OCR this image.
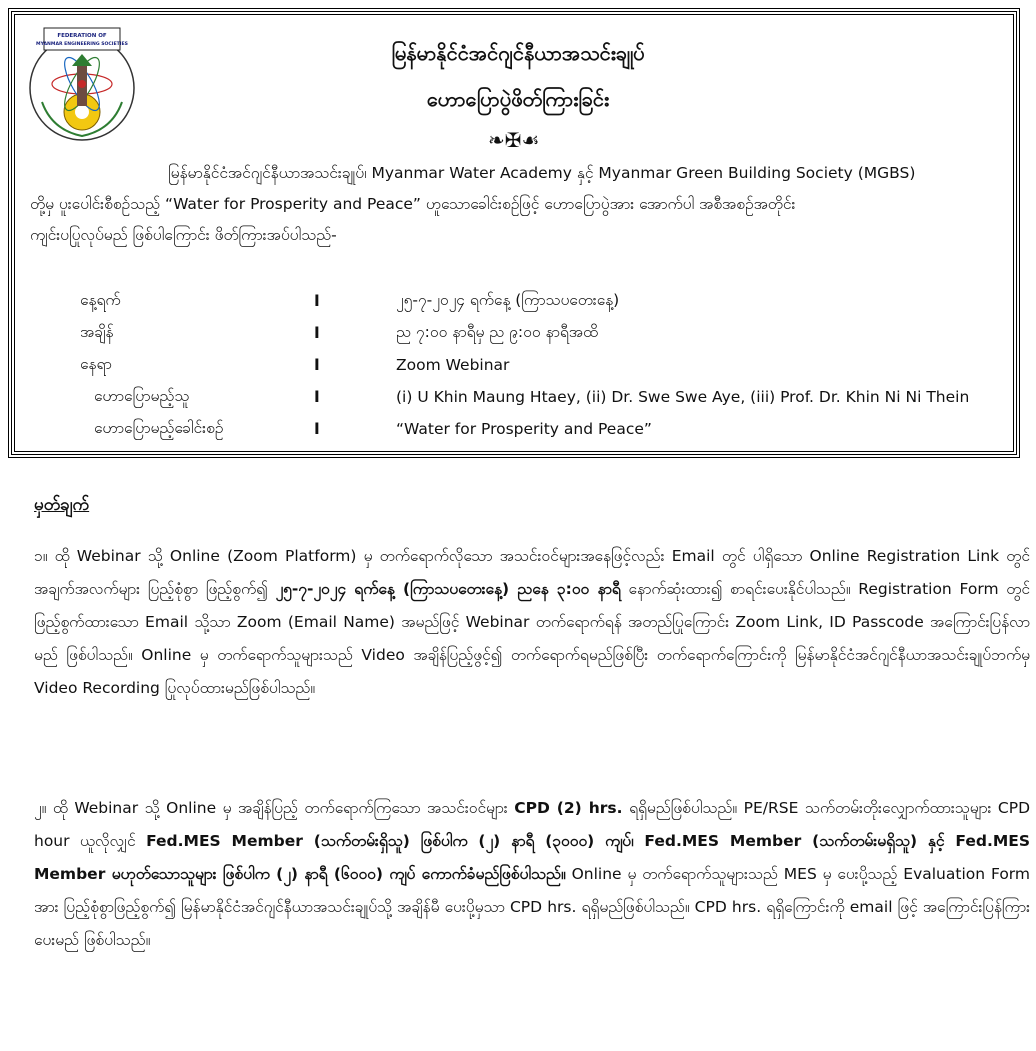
FEDERATION OF
MYANMAR ENGINEERING SOCIETIES	မြန်မာနိုင်ငံအင်ဂျင်နီယာအသင်းချုပ်
ဟောပြောပွဲဖိတ်ကြားခြင်း
❧✠☙

မြန်မာနိုင်ငံအင်ဂျင်နီယာအသင်းချုပ်၊ Myanmar Water Academy နှင့် Myanmar Green Building Society (MGBS)

တို့မှ ပူးပေါင်းစီစဉ်သည့် “Water for Prosperity and Peace” ဟူသောခေါင်းစဉ်ဖြင့် ဟောပြောပွဲအား အောက်ပါ အစီအစဉ်အတိုင်း

ကျင်းပပြုလုပ်မည် ဖြစ်ပါကြောင်း ဖိတ်ကြားအပ်ပါသည်-

နေ့ရက်	ⵏ	၂၅-၇-၂၀၂၄ ရက်နေ့ (ကြာသပတေးနေ့)
အချိန်	ⵏ	ည ၇:၀၀ နာရီမှ ည ၉:၀၀ နာရီအထိ
နေရာ	ⵏ	Zoom Webinar
ဟောပြောမည့်သူ	ⵏ	(i) U Khin Maung Htaey, (ii) Dr. Swe Swe Aye, (iii) Prof. Dr. Khin Ni Ni Thein
ဟောပြောမည့်ခေါင်းစဉ်	ⵏ	“Water for Prosperity and Peace”
မှတ်ချက်

၁။ ထို Webinar သို့ Online (Zoom Platform) မှ တက်ရောက်လိုသော အသင်းဝင်များအနေဖြင့်လည်း Email တွင် ပါရှိသော Online Registration Link တွင် အချက်အလက်များ ပြည့်စုံစွာ ဖြည့်စွက်၍ ၂၅-၇-၂၀၂၄ ရက်နေ့ (ကြာသပတေးနေ့) ညနေ ၃:၀၀ နာရီ နောက်ဆုံးထား၍ စာရင်းပေးနိုင်ပါသည်။ Registration Form တွင် ဖြည့်စွက်ထားသော Email သို့သာ Zoom (Email Name) အမည်ဖြင့် Webinar တက်ရောက်ရန် အတည်ပြုကြောင်း Zoom Link, ID Passcode အကြောင်းပြန်လာမည် ဖြစ်ပါသည်။ Online မှ တက်ရောက်သူများသည် Video အချိန်ပြည့်ဖွင့်၍ တက်ရောက်ရမည်ဖြစ်ပြီး တက်ရောက်ကြောင်းကို မြန်မာနိုင်ငံအင်ဂျင်နီယာအသင်းချုပ်ဘက်မှ Video Recording ပြုလုပ်ထားမည်ဖြစ်ပါသည်။

၂။ ထို Webinar သို့ Online မှ အချိန်ပြည့် တက်ရောက်ကြသော အသင်းဝင်များ CPD (2) hrs. ရရှိမည်ဖြစ်ပါသည်။ PE/RSE သက်တမ်းတိုးလျှောက်ထားသူများ CPD hour ယူလိုလျှင် Fed.MES Member (သက်တမ်းရှိသူ) ဖြစ်ပါက (၂) နာရီ (၃၀၀၀) ကျပ်၊ Fed.MES Member (သက်တမ်းမရှိသူ) နှင့် Fed.MES Member မဟုတ်သောသူများ ဖြစ်ပါက (၂) နာရီ (၆၀၀၀) ကျပ် ကောက်ခံမည်ဖြစ်ပါသည်။ Online မှ တက်ရောက်သူများသည် MES မှ ပေးပို့သည့် Evaluation Form အား ပြည့်စုံစွာဖြည့်စွက်၍ မြန်မာနိုင်ငံအင်ဂျင်နီယာအသင်းချုပ်သို့ အချိန်မီ ပေးပို့မှသာ CPD hrs. ရရှိမည်ဖြစ်ပါသည်။ CPD hrs. ရရှိကြောင်းကို email ဖြင့် အကြောင်းပြန်ကြားပေးမည် ဖြစ်ပါသည်။
